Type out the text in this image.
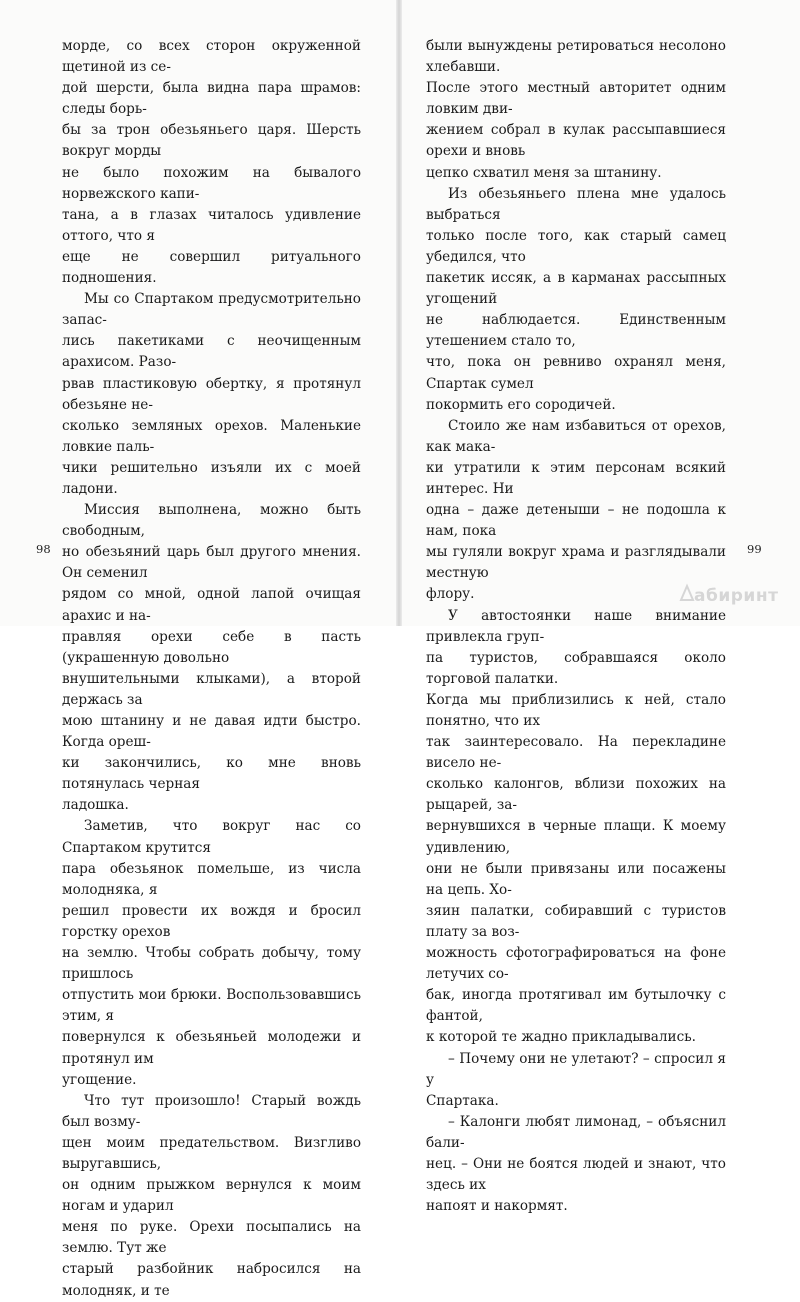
морде, со всех сторон окруженной щетиной из се-

дой шерсти, была видна пара шрамов: следы борь-

бы за трон обезьяньего царя. Шерсть вокруг морды

не было похожим на бывалого норвежского капи-

тана, а в глазах читалось удивление оттого, что я

еще не совершил ритуального подношения.

Мы со Спартаком предусмотрительно запас-

лись пакетиками с неочищенным арахисом. Разо-

рвав пластиковую обертку, я протянул обезьяне не-

сколько земляных орехов. Маленькие ловкие паль-

чики решительно изъяли их с моей ладони.

Миссия выполнена, можно быть свободным,

но обезьяний царь был другого мнения. Он семенил

рядом со мной, одной лапой очищая арахис и на-

правляя орехи себе в пасть (украшенную довольно

внушительными клыками), а второй держась за

мою штанину и не давая идти быстро. Когда ореш-

ки закончились, ко мне вновь потянулась черная

ладошка.

Заметив, что вокруг нас со Спартаком крутится

пара обезьянок помельше, из числа молодняка, я

решил провести их вождя и бросил горстку орехов

на землю. Чтобы собрать добычу, тому пришлось

отпустить мои брюки. Воспользовавшись этим, я

повернулся к обезьяньей молодежи и протянул им

угощение.

Что тут произошло! Старый вождь был возму-

щен моим предательством. Визгливо выругавшись,

он одним прыжком вернулся к моим ногам и ударил

меня по руке. Орехи посыпались на землю. Тут же

старый разбойник набросился на молодняк, и те

были вынуждены ретироваться несолоно хлебавши.

После этого местный авторитет одним ловким дви-

жением собрал в кулак рассыпавшиеся орехи и вновь

цепко схватил меня за штанину.

Из обезьяньего плена мне удалось выбраться

только после того, как старый самец убедился, что

пакетик иссяк, а в карманах рассыпных угощений

не наблюдается. Единственным утешением стало то,

что, пока он ревниво охранял меня, Спартак сумел

покормить его сородичей.

Стоило же нам избавиться от орехов, как мака-

ки утратили к этим персонам всякий интерес. Ни

одна – даже детеныши – не подошла к нам, пока

мы гуляли вокруг храма и разглядывали местную

флору.

У автостоянки наше внимание привлекла груп-

па туристов, собравшаяся около торговой палатки.

Когда мы приблизились к ней, стало понятно, что их

так заинтересовало. На перекладине висело не-

сколько калонгов, вблизи похожих на рыцарей, за-

вернувшихся в черные плащи. К моему удивлению,

они не были привязаны или посажены на цепь. Хо-

зяин палатки, собиравший с туристов плату за воз-

можность сфотографироваться на фоне летучих со-

бак, иногда протягивал им бутылочку с фантой,

к которой те жадно прикладывались.

– Почему они не улетают? – спросил я у

Спартака.

– Калонги любят лимонад, – объяснил бали-

нец. – Они не боятся людей и знают, что здесь их

напоят и накормят.

98	99
абиринт
